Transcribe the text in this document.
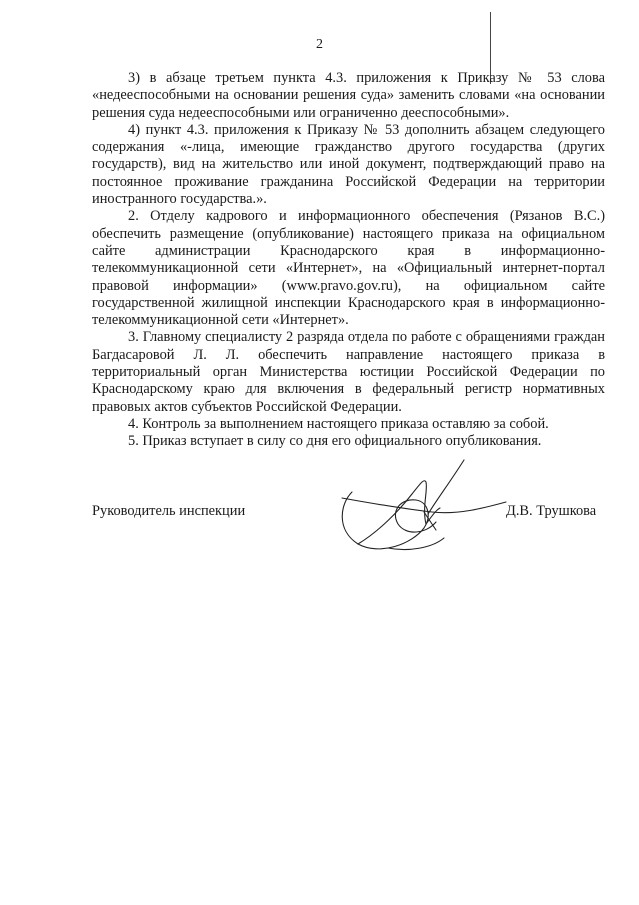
2

3) в абзаце третьем пункта 4.3. приложения к Приказу № 53 слова «недееспособными на основании решения суда» заменить словами «на основании решения суда недееспособными или ограниченно дееспособными».

4) пункт 4.3. приложения к Приказу № 53 дополнить абзацем следующего содержания «-лица, имеющие гражданство другого государства (других государств), вид на жительство или иной документ, подтверждающий право на постоянное проживание гражданина Российской Федерации на территории иностранного государства.».

2. Отделу кадрового и информационного обеспечения (Рязанов В.С.) обеспечить размещение (опубликование) настоящего приказа на официальном сайте администрации Краснодарского края в информационно-телекоммуникационной сети «Интернет», на «Официальный интернет-портал правовой информации» (www.pravo.gov.ru), на официальном сайте государственной жилищной инспекции Краснодарского края в информационно-телекоммуникационной сети «Интернет».

3. Главному специалисту 2 разряда отдела по работе с обращениями граждан Багдасаровой Л. Л. обеспечить направление настоящего приказа в территориальный орган Министерства юстиции Российской Федерации по Краснодарскому краю для включения в федеральный регистр нормативных правовых актов субъектов Российской Федерации.

4. Контроль за выполнением настоящего приказа оставляю за собой.

5. Приказ вступает в силу со дня его официального опубликования.

Руководитель инспекции	Д.В. Трушкова
